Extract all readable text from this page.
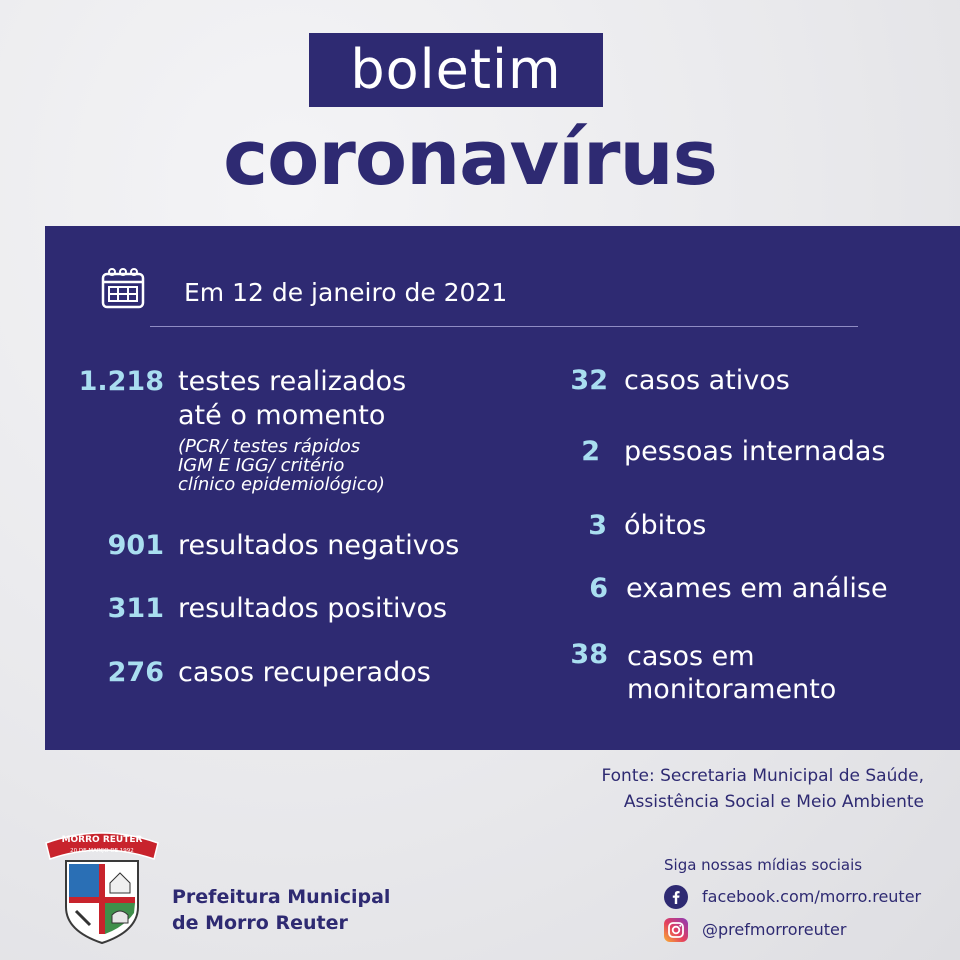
boletim
coronavírus
Em 12 de janeiro de 2021
1.218 testes realizados
até o momento
(PCR/ testes rápidos
IGM E IGG/ critério
clínico epidemiológico)
901 resultados negativos
311 resultados positivos
276 casos recuperados
32 casos ativos
2 pessoas internadas
3 óbitos
6 exames em análise
38 casos em
monitoramento
Fonte: Secretaria Municipal de Saúde,
Assistência Social e Meio Ambiente
MORRO REUTER
20 DE MARÇO DE 1992
Prefeitura Municipal
de Morro Reuter
Siga nossas mídias sociais
facebook.com/morro.reuter
@prefmorroreuter
